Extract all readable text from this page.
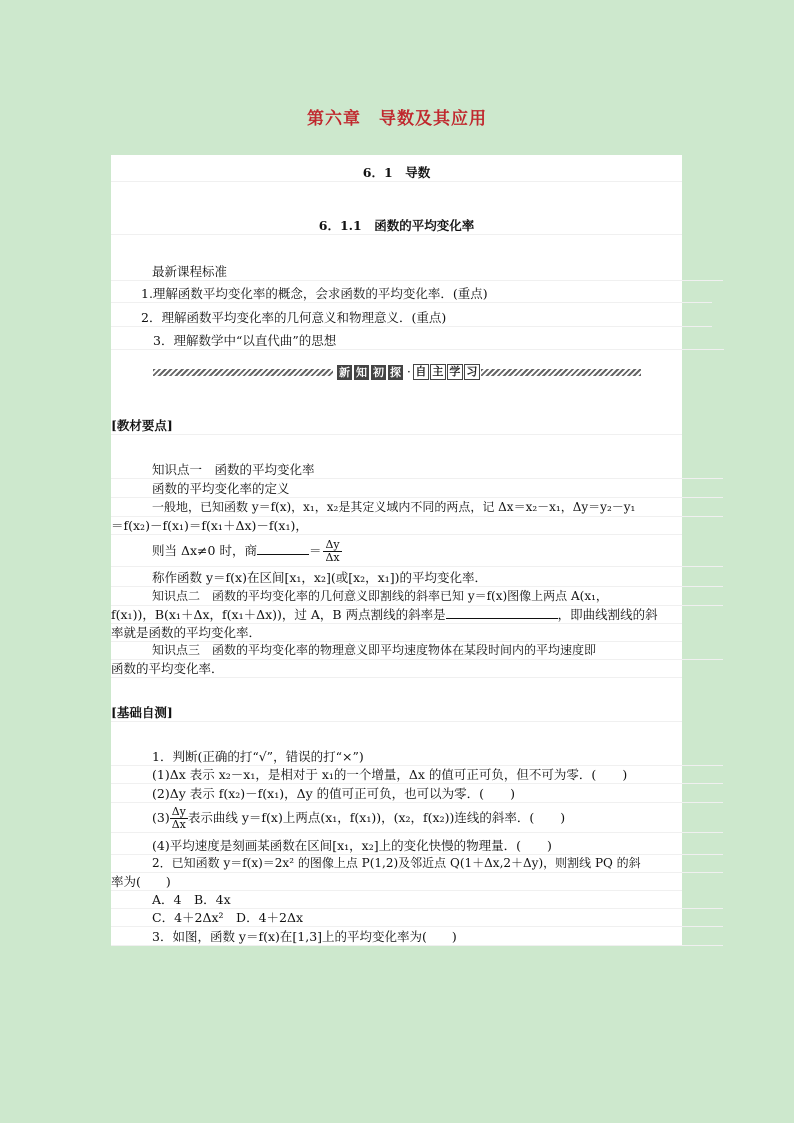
第六章　导数及其应用
6．1　导数
6．1.1　函数的平均变化率
最新课程标准
1.理解函数平均变化率的概念，会求函数的平均变化率．(重点)
2．理解函数平均变化率的几何意义和物理意义．(重点)
3．理解数学中“以直代曲”的思想
新 知 初 探 · 自 主 学 习
[教材要点]
知识点一　函数的平均变化率
函数的平均变化率的定义
一般地，已知函数 y＝f(x)，x₁，x₂是其定义域内不同的两点，记 Δx＝x₂－x₁，Δy＝y₂－y₁
＝f(x₂)－f(x₁)＝f(x₁＋Δx)－f(x₁)，
则当 Δx≠0 时，商	＝ $\frac{\Delta y}{\Delta x}$
称作函数 y＝f(x)在区间[x₁，x₂](或[x₂，x₁])的平均变化率．
知识点二　函数的平均变化率的几何意义即割线的斜率已知 y＝f(x)图像上两点 A(x₁，
f(x₁))，B(x₁＋Δx，f(x₁＋Δx))，过 A，B 两点割线的斜率是	，即曲线割线的斜
率就是函数的平均变化率．
知识点三　函数的平均变化率的物理意义即平均速度物体在某段时间内的平均速度即
函数的平均变化率．
[基础自测]
1．判断(正确的打“√”，错误的打“×”)
(1)Δx 表示 x₂－x₁，是相对于 x₁的一个增量，Δx 的值可正可负，但不可为零．( )
(2)Δy 表示 f(x₂)－f(x₁)，Δy 的值可正可负，也可以为零．( )
$(3) \frac{\Delta y}{\Delta x}$ 表示曲线 y＝f(x)上两点(x₁，f(x₁))，(x₂，f(x₂))连线的斜率．( )
(4)平均速度是刻画某函数在区间[x₁，x₂]上的变化快慢的物理量．( )
2．已知函数 y＝f(x)＝2x² 的图像上点 P(1,2)及邻近点 Q(1＋Δx,2＋Δy)，则割线 PQ 的斜
率为(　　)
A．4　B．4x
C．4＋2Δx²　D．4＋2Δx
3．如图，函数 y＝f(x)在[1,3]上的平均变化率为(　　)
